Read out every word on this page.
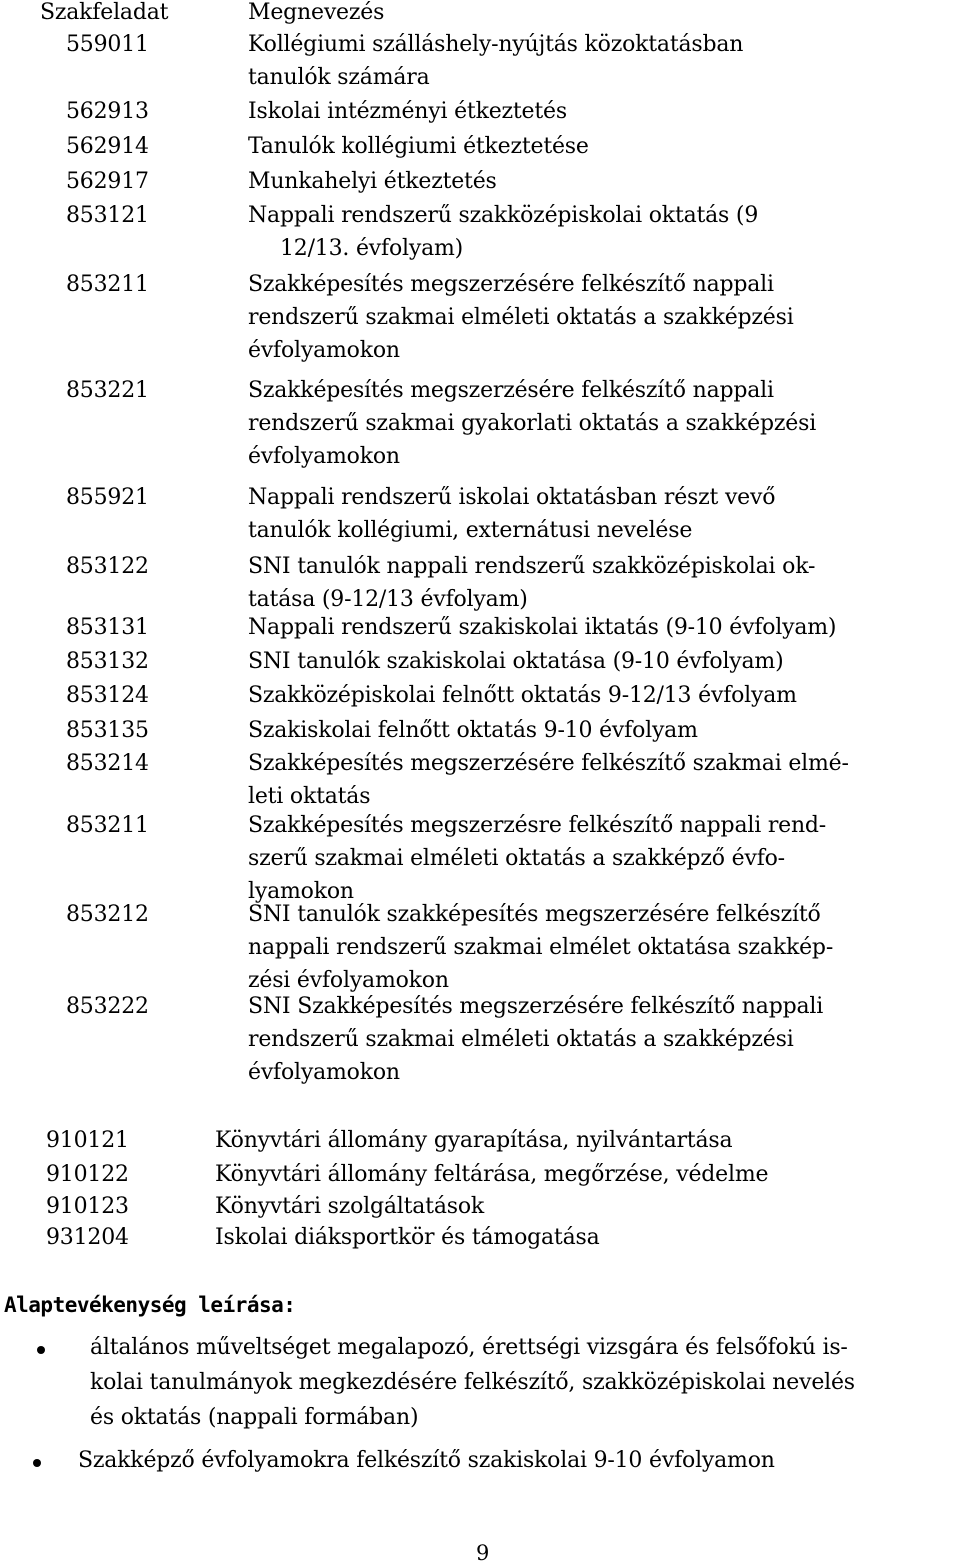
Szakfeladat	Megnevezés
559011	Kollégiumi szálláshely-nyújtás közoktatásban
tanulók számára
562913	Iskolai intézményi étkeztetés
562914	Tanulók kollégiumi étkeztetése
562917	Munkahelyi étkeztetés
853121	Nappali rendszerű szakközépiskolai oktatás (9
12/13. évfolyam)
853211	Szakképesítés megszerzésére felkészítő nappali
rendszerű szakmai elméleti oktatás a szakképzési
évfolyamokon
853221	Szakképesítés megszerzésére felkészítő nappali
rendszerű szakmai gyakorlati oktatás a szakképzési
évfolyamokon
855921	Nappali rendszerű iskolai oktatásban részt vevő
tanulók kollégiumi, externátusi nevelése
853122	SNI tanulók nappali rendszerű szakközépiskolai ok-
tatása (9-12/13 évfolyam)
853131	Nappali rendszerű szakiskolai iktatás (9-10 évfolyam)
853132	SNI tanulók szakiskolai oktatása (9-10 évfolyam)
853124	Szakközépiskolai felnőtt oktatás 9-12/13 évfolyam
853135	Szakiskolai felnőtt oktatás 9-10 évfolyam
853214	Szakképesítés megszerzésére felkészítő szakmai elmé-
leti oktatás
853211	Szakképesítés megszerzésre felkészítő nappali rend-
szerű szakmai elméleti oktatás a szakképző évfo-
lyamokon
853212	SNI tanulók szakképesítés megszerzésére felkészítő
nappali rendszerű szakmai elmélet oktatása szakkép-
zési évfolyamokon
853222	SNI Szakképesítés megszerzésére felkészítő nappali
rendszerű szakmai elméleti oktatás a szakképzési
évfolyamokon
910121	Könyvtári állomány gyarapítása, nyilvántartása
910122	Könyvtári állomány feltárása, megőrzése, védelme
910123	Könyvtári szolgáltatások
931204	Iskolai diáksportkör és támogatása
Alaptevékenység leírása:
általános műveltséget megalapozó, érettségi vizsgára és felsőfokú is-
kolai tanulmányok megkezdésére felkészítő, szakközépiskolai nevelés
és oktatás (nappali formában)
Szakképző évfolyamokra felkészítő szakiskolai 9-10 évfolyamon
9
